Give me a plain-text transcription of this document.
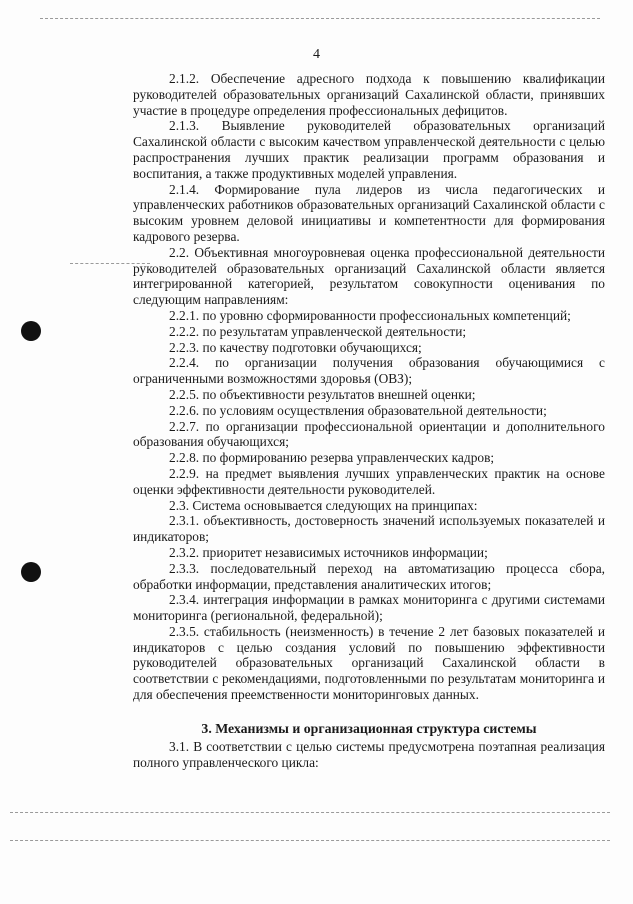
4

2.1.2. Обеспечение адресного подхода к повышению квалификации руководителей образовательных организаций Сахалинской области, принявших участие в процедуре определения профессиональных дефицитов.

2.1.3. Выявление руководителей образовательных организаций Сахалинской области с высоким качеством управленческой деятельности с целью распространения лучших практик реализации программ образования и воспитания, а также продуктивных моделей управления.

2.1.4. Формирование пула лидеров из числа педагогических и управленческих работников образовательных организаций Сахалинской области с высоким уровнем деловой инициативы и компетентности для формирования кадрового резерва.

2.2. Объективная многоуровневая оценка профессиональной деятельности руководителей образовательных организаций Сахалинской области является интегрированной категорией, результатом совокупности оценивания по следующим направлениям:

2.2.1. по уровню сформированности профессиональных компетенций;

2.2.2. по результатам управленческой деятельности;

2.2.3. по качеству подготовки обучающихся;

2.2.4. по организации получения образования обучающимися с ограниченными возможностями здоровья (ОВЗ);

2.2.5. по объективности результатов внешней оценки;

2.2.6. по условиям осуществления образовательной деятельности;

2.2.7. по организации профессиональной ориентации и дополнительного образования обучающихся;

2.2.8. по формированию резерва управленческих кадров;

2.2.9. на предмет выявления лучших управленческих практик на основе оценки эффективности деятельности руководителей.

2.3. Система основывается следующих на принципах:

2.3.1. объективность, достоверность значений используемых показателей и индикаторов;

2.3.2. приоритет независимых источников информации;

2.3.3. последовательный переход на автоматизацию процесса сбора, обработки информации, представления аналитических итогов;

2.3.4. интеграция информации в рамках мониторинга с другими системами мониторинга (региональной, федеральной);

2.3.5. стабильность (неизменность) в течение 2 лет базовых показателей и индикаторов с целью создания условий по повышению эффективности руководителей образовательных организаций Сахалинской области в соответствии с рекомендациями, подготовленными по результатам мониторинга и для обеспечения преемственности мониторинговых данных.

3. Механизмы и организационная структура системы

3.1. В соответствии с целью системы предусмотрена поэтапная реализация полного управленческого цикла:
